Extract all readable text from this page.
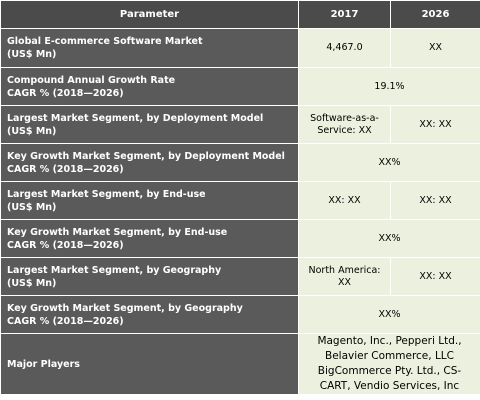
Parameter	2017	2026

Global E-commerce Software Market
(US$ Mn)	4,467.0	XX

Compound Annual Growth Rate
CAGR % (2018—2026)	19.1%	

Largest Market Segment, by Deployment Model
(US$ Mn)	Software-as-a-
Service: XX	XX: XX

Key Growth Market Segment, by Deployment Model
CAGR % (2018—2026)	XX%	

Largest Market Segment, by End-use
(US$ Mn)	XX: XX	XX: XX

Key Growth Market Segment, by End-use
CAGR % (2018—2026)	XX%	

Largest Market Segment, by Geography
(US$ Mn)	North America: XX	XX: XX

Key Growth Market Segment, by Geography
CAGR % (2018—2026)	XX%	
Major Players	Magento, Inc., Pepperi Ltd.,
Belavier Commerce, LLC
BigCommerce Pty. Ltd., CS-
CART, Vendio Services, Inc	
